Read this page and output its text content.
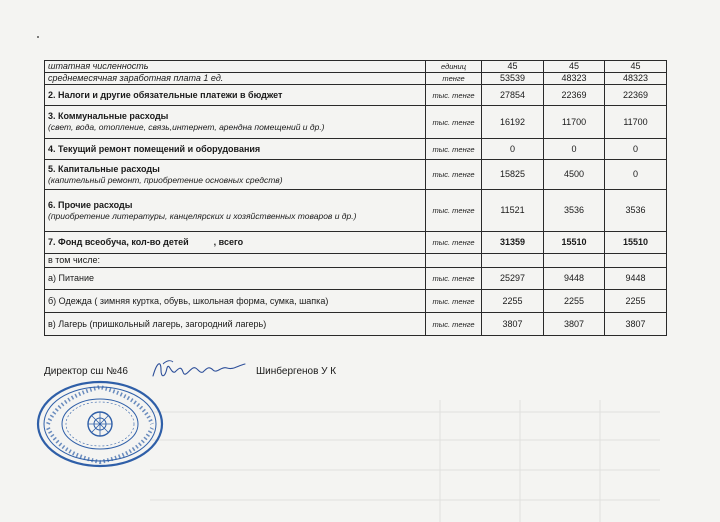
штатная численность	единиц	45	45	45
среднемесячная заработная плата 1 ед.	тенге	53539	48323	48323
2. Налоги и другие обязательные платежи в бюджет	тыс. тенге	27854	22369	22369
3. Коммунальные расходы
(свет, вода, отопление, связь,интернет, арендна помещений и др.)	тыс. тенге	16192	11700	11700
4. Текущий ремонт помещений и оборудования	тыс. тенге	0	0	0
5. Капитальные расходы
(капительный ремонт, приобретение основных средств)	тыс. тенге	15825	4500	0
6. Прочие расходы
(приобретение литературы, канцелярских и хозяйственных товаров и др.)	тыс. тенге	11521	3536	3536
7. Фонд всеобуча, кол-во детей          , всего	тыс. тенге	31359	15510	15510
в том числе:				
а) Питание	тыс. тенге	25297	9448	9448
б) Одежда ( зимняя куртка, обувь, школьная форма, сумка, шапка)	тыс. тенге	2255	2255	2255
в) Лагерь (пришкольный лагерь, загородний лагерь)	тыс. тенге	3807	3807	3807
Директор сш №46	Шинбергенов У К
